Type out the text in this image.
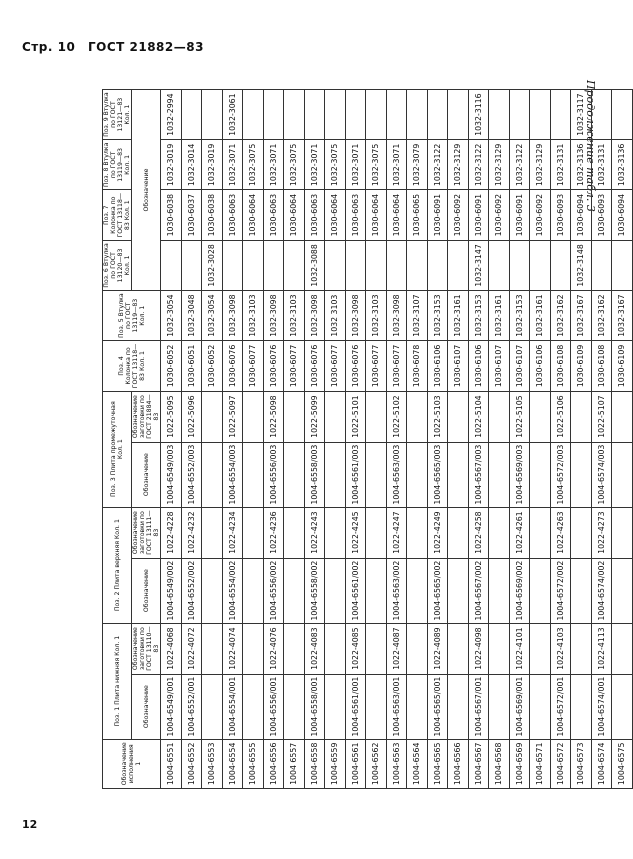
Стр. 10 ГОСТ 21882—83
Продолжение табл. 3
Обозначение исполнения 1	Поз. 1 Плита нижняя Кол. 1		Поз. 2 Плита верхняя Кол. 1		Поз. 3 Плита промежуточная Кол. 1		Поз. 4 Колонка по ГОСТ 13118—83 Кол. 1	Поз. 5 Втулка по ГОСТ 13119—83 Кол. 1	Поз. 6 Втулка по ГОСТ 13120—83 Кол. 1	Поз. 7 Колонка по ГОСТ 13118—83 Кол. 1	Поз. 8 Втулка по ГОСТ 13119—83 Кол. 1	Поз. 9 Втулка по ГОСТ 13121—83 Кол. 1
	Обозначение	Обозначение заготовки по ГОСТ 13110—83	Обозначение	Обозначение заготовки по ГОСТ 13111—83	Обозначение	Обозначение заготовки по ГОСТ 21884—83			Обозначение			
1004-6551	1004-6549/001	1022-4068	1004-6549/002	1022-4228	1004-6549/003	1022-5095	1030-6052	1032-3054		1030-6038	1032-3019	1032-2994
1004-6552	1004-6552/001	1022-4072	1004-6552/002	1022-4232	1004-6552/003	1022-5096	1030-6051	1032-3048		1030-6037	1032-3014	
1004-6553							1030-6052	1032-3054	1032-3028	1030-6038	1032-3019	
1004-6554	1004-6554/001	1022-4074	1004-6554/002	1022-4234	1004-6554/003	1022-5097	1030-6076	1032-3098		1030-6063	1032-3071	1032-3061
1004-6555							1030-6077	1032-3103		1030-6064	1032-3075	
1004-6556	1004-6556/001	1022-4076	1004-6556/002	1022-4236	1004-6556/003	1022-5098	1030-6076	1032-3098		1030-6063	1032-3071	
1004 6557							1030-6077	1032-3103		1030-6064	1032-3075	
1004-6558	1004-6558/001	1022-4083	1004-6558/002	1022-4243	1004-6558/003	1022-5099	1030-6076	1032-3098	1032-3088	1030-6063	1032-3071	
1004-6559							1030-6077	1032 3103		1030-6064	1032-3075	
1004-6561	1004-6561/001	1022-4085	1004-6561/002	1022-4245	1004-6561/003	1022-5101	1030-6076	1032-3098		1030-6063	1032-3071	
1004-6562							1030-6077	1032-3103		1030-6064	1032-3075	
1004-6563	1004-6563/001	1022-4087	1004-6563/002	1022-4247	1004-6563/003	1022-5102	1030-6077	1032-3098		1030-6064	1032-3071	
1004-6564							1030-6078	1032-3107		1030-6065	1032-3079	
1004-6565	1004-6565/001	1022-4089	1004-6565/002	1022-4249	1004-6565/003	1022-5103	1030-6106	1032-3153		1030-6091	1032-3122	
1004-6566							1030-6107	1032-3161		1030-6092	1032-3129	
1004-6567	1004-6567/001	1022-4098	1004-6567/002	1022-4258	1004-6567/003	1022-5104	1030-6106	1032-3153	1032-3147	1030-6091	1032-3122	1032-3116
1004-6568							1030-6107	1032-3161		1030-6092	1032-3129	
1004-6569	1004-6569/001	1022-4101	1004-6569/002	1022-4261	1004-6569/003	1022-5105	1030-6107	1032-3153		1030-6091	1032-3122	
1004-6571							1030-6106	1032-3161		1030-6092	1032-3129	
1004-6572	1004-6572/001	1022-4103	1004-6572/002	1022-4263	1004-6572/003	1022-5106	1030-6108	1032-3162		1030-6093	1032-3131	
1004-6573							1030-6109	1032-3167	1032-3148	1030-6094	1032-3136	1032-3117
1004-6574	1004-6574/001	1022-4113	1004-6574/002	1022-4273	1004-6574/003	1022-5107	1030-6108	1032-3162		1030-6093	1032-3131	
1004-6575							1030-6109	1032-3167		1030-6094	1032-3136	
12
